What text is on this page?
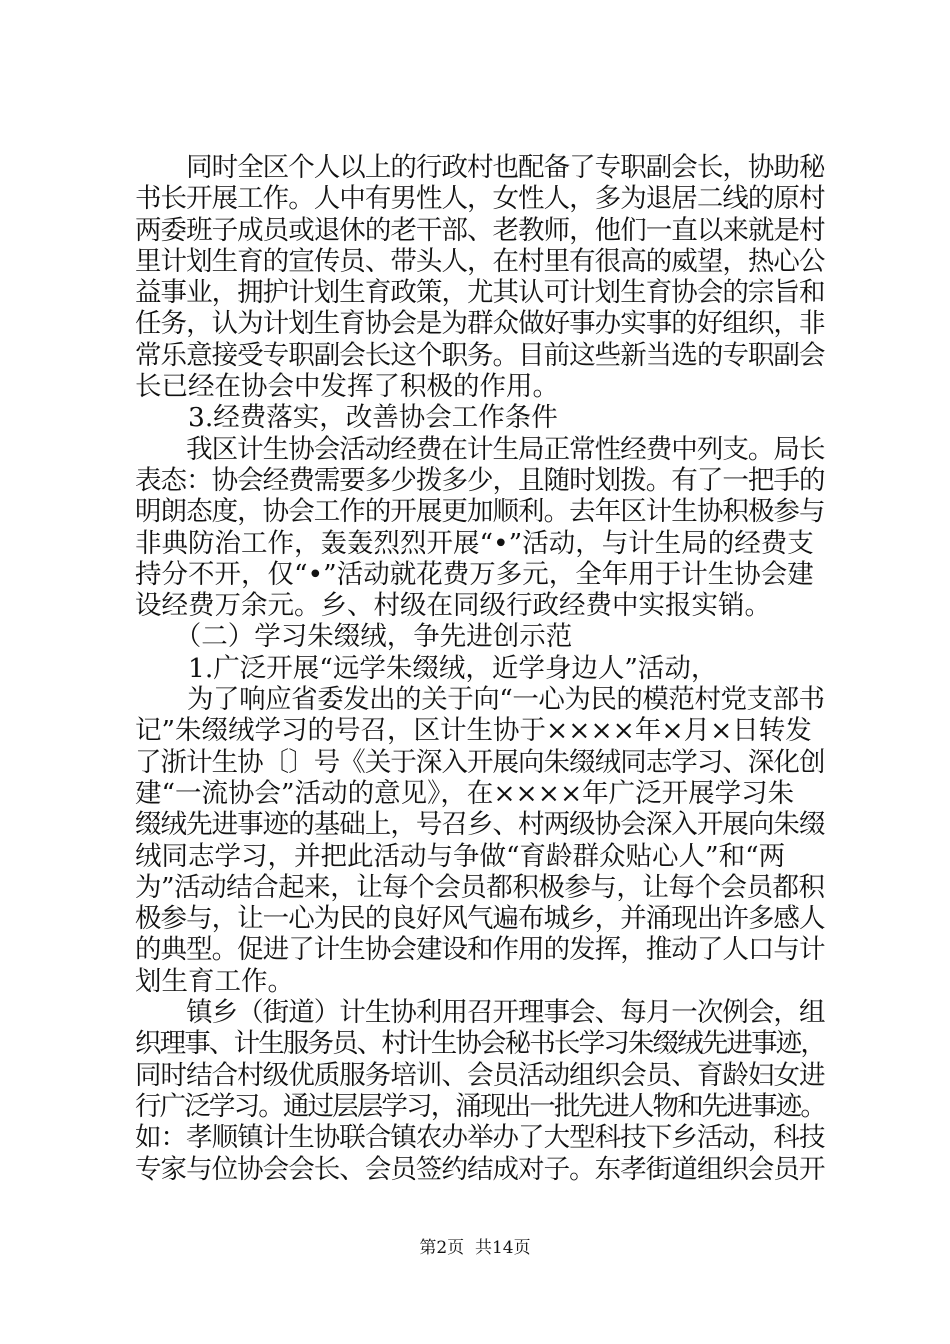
　　同时全区个人以上的行政村也配备了专职副会长，协助秘
书长开展工作。人中有男性人，女性人，多为退居二线的原村
两委班子成员或退休的老干部、老教师，他们一直以来就是村
里计划生育的宣传员、带头人，在村里有很高的威望，热心公
益事业，拥护计划生育政策，尤其认可计划生育协会的宗旨和
任务，认为计划生育协会是为群众做好事办实事的好组织，非
常乐意接受专职副会长这个职务。目前这些新当选的专职副会
长已经在协会中发挥了积极的作用。
　　3.经费落实，改善协会工作条件
　　我区计生协会活动经费在计生局正常性经费中列支。局长
表态：协会经费需要多少拨多少，且随时划拨。有了一把手的
明朗态度，协会工作的开展更加顺利。去年区计生协积极参与
非典防治工作，轰轰烈烈开展“•”活动，与计生局的经费支
持分不开，仅“•”活动就花费万多元，全年用于计生协会建
设经费万余元。乡、村级在同级行政经费中实报实销。
　　（二）学习朱缀绒，争先进创示范
　　1.广泛开展“远学朱缀绒，近学身边人”活动，
　　为了响应省委发出的关于向“一心为民的模范村党支部书
记”朱缀绒学习的号召，区计生协于××××年×月×日转发
了浙计生协〔〕号《关于深入开展向朱缀绒同志学习、深化创
建“一流协会”活动的意见》，在××××年广泛开展学习朱
缀绒先进事迹的基础上，号召乡、村两级协会深入开展向朱缀
绒同志学习，并把此活动与争做“育龄群众贴心人”和“两
为”活动结合起来，让每个会员都积极参与，让每个会员都积
极参与，让一心为民的良好风气遍布城乡，并涌现出许多感人
的典型。促进了计生协会建设和作用的发挥，推动了人口与计
划生育工作。
　　镇乡（街道）计生协利用召开理事会、每月一次例会，组
织理事、计生服务员、村计生协会秘书长学习朱缀绒先进事迹，
同时结合村级优质服务培训、会员活动组织会员、育龄妇女进
行广泛学习。通过层层学习，涌现出一批先进人物和先进事迹。
如：孝顺镇计生协联合镇农办举办了大型科技下乡活动，科技
专家与位协会会长、会员签约结成对子。东孝街道组织会员开
第2页  共14页
